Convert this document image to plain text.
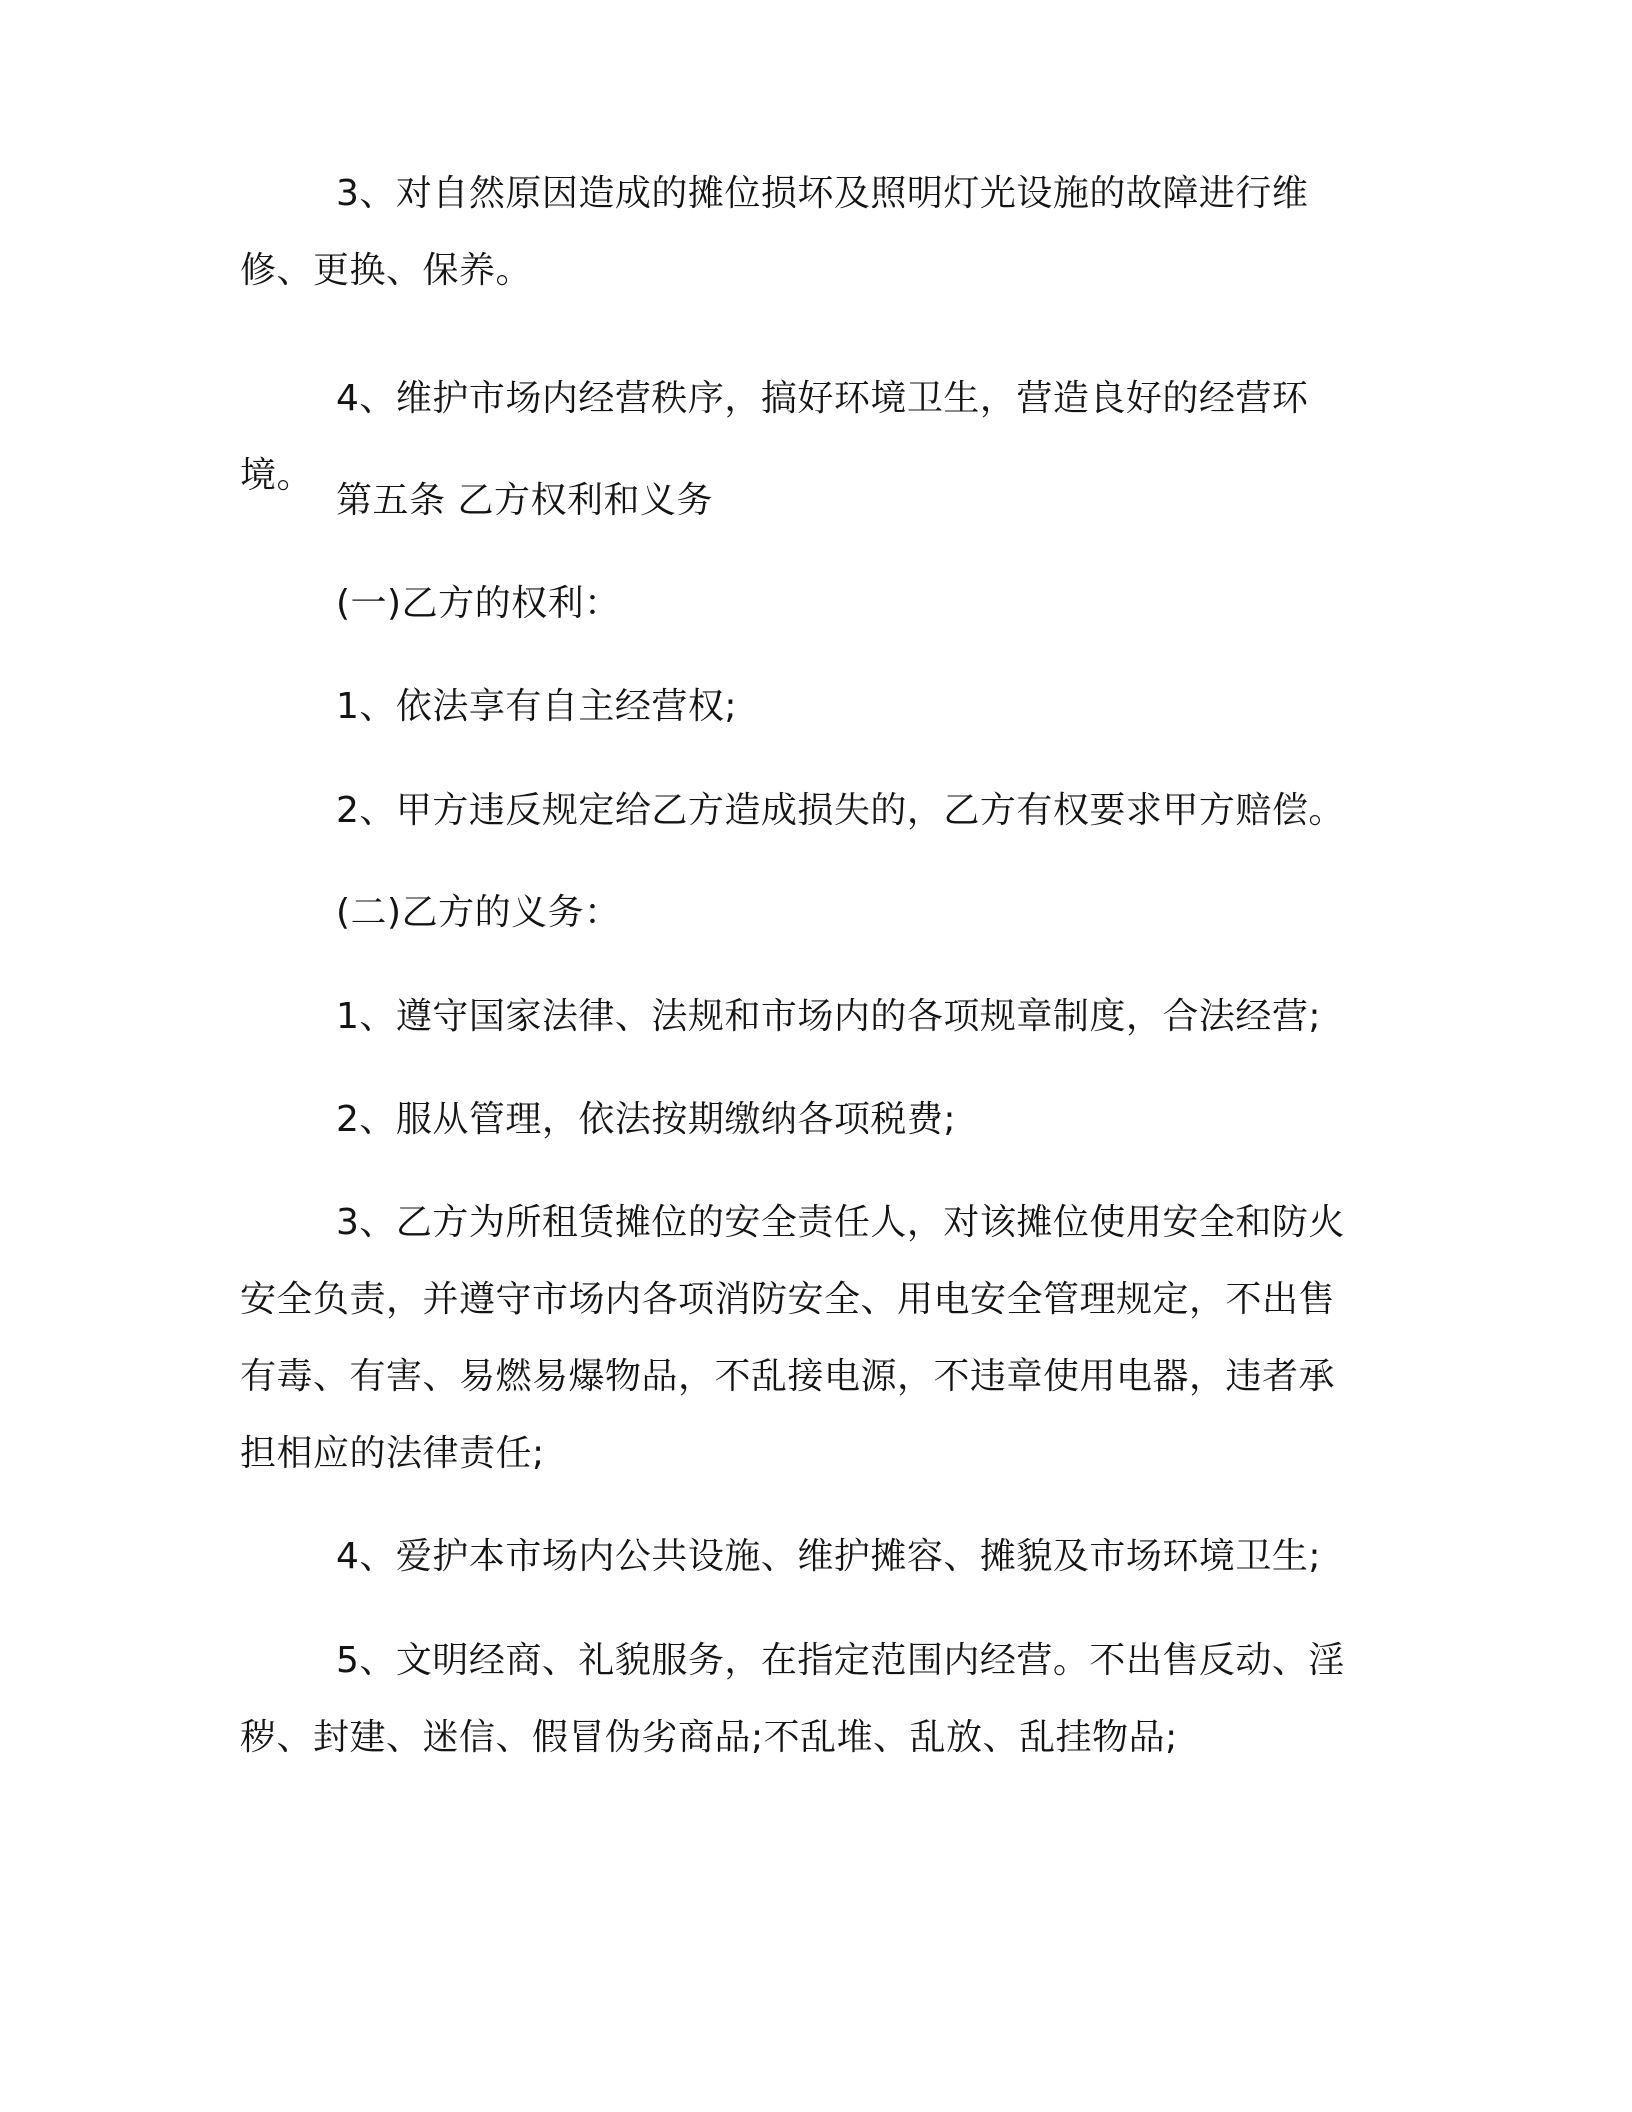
3、对自然原因造成的摊位损坏及照明灯光设施的故障进行维修、更换、保养。

4、维护市场内经营秩序，搞好环境卫生，营造良好的经营环境。

第五条 乙方权利和义务

(一)乙方的权利：

1、依法享有自主经营权;

2、甲方违反规定给乙方造成损失的，乙方有权要求甲方赔偿。

(二)乙方的义务：

1、遵守国家法律、法规和市场内的各项规章制度，合法经营;

2、服从管理，依法按期缴纳各项税费;

3、乙方为所租赁摊位的安全责任人，对该摊位使用安全和防火安全负责，并遵守市场内各项消防安全、用电安全管理规定，不出售有毒、有害、易燃易爆物品，不乱接电源，不违章使用电器，违者承担相应的法律责任;

4、爱护本市场内公共设施、维护摊容、摊貌及市场环境卫生;

5、文明经商、礼貌服务，在指定范围内经营。不出售反动、淫秽、封建、迷信、假冒伪劣商品;不乱堆、乱放、乱挂物品;
